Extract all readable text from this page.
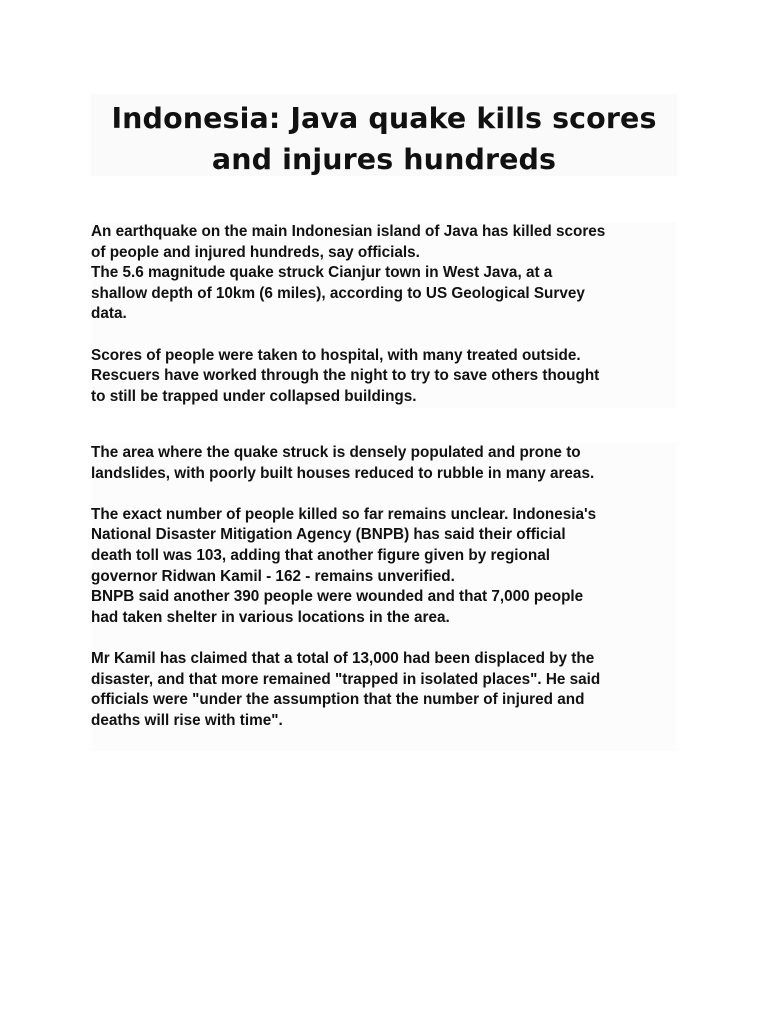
Indonesia: Java quake kills scores
and injures hundreds

An earthquake on the main Indonesian island of Java has killed scores
of people and injured hundreds, say officials.
The 5.6 magnitude quake struck Cianjur town in West Java, at a
shallow depth of 10km (6 miles), according to US Geological Survey
data.

Scores of people were taken to hospital, with many treated outside.
Rescuers have worked through the night to try to save others thought
to still be trapped under collapsed buildings.

The area where the quake struck is densely populated and prone to
landslides, with poorly built houses reduced to rubble in many areas.

The exact number of people killed so far remains unclear. Indonesia's
National Disaster Mitigation Agency (BNPB) has said their official
death toll was 103, adding that another figure given by regional
governor Ridwan Kamil - 162 - remains unverified.
BNPB said another 390 people were wounded and that 7,000 people
had taken shelter in various locations in the area.

Mr Kamil has claimed that a total of 13,000 had been displaced by the
disaster, and that more remained "trapped in isolated places". He said
officials were "under the assumption that the number of injured and
deaths will rise with time".
